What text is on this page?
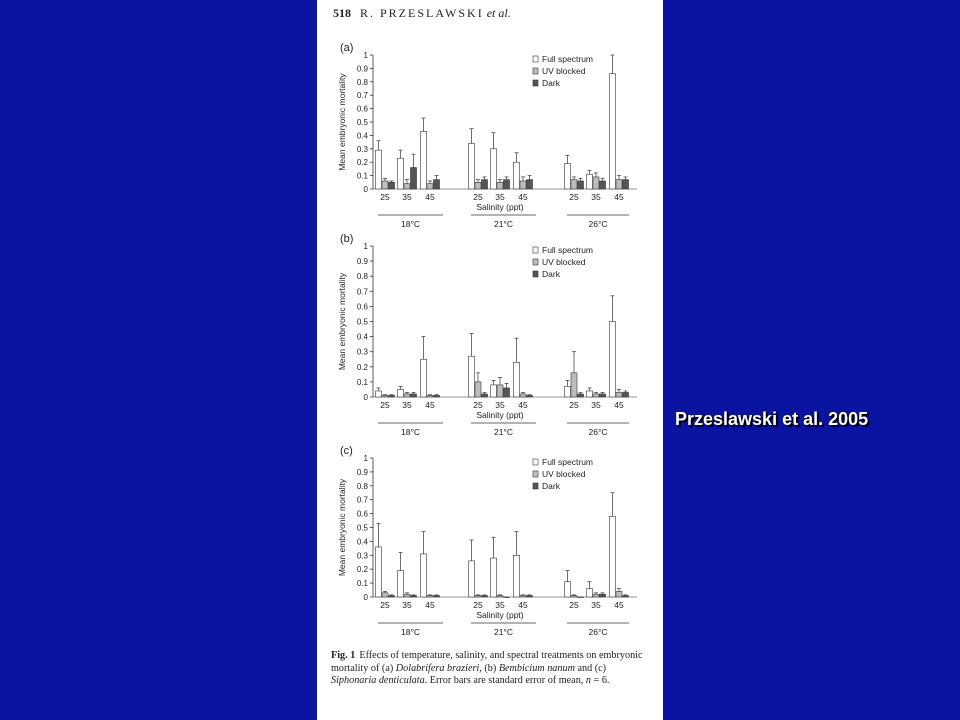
518 R. PRZESLAWSKI et al.
(a)
0
0.1
0.2
0.3
0.4
0.5
0.6
0.7
0.8
0.9
1
Mean embryonic mortality
25 35 45	25 35 45	25 35 45
Salinity (ppt)
18°C	21°C	26°C
Full spectrum
UV blocked
Dark
(b)
0
0.1
0.2
0.3
0.4
0.5
0.6
0.7
0.8
0.9
1
Mean embryonic mortality
25 35 45	25 35 45	25 35 45
Salinity (ppt)
18°C	21°C	26°C
Full spectrum
UV blocked
Dark
(c)
0
0.1
0.2
0.3
0.4
0.5
0.6
0.7
0.8
0.9
1
Mean embryonic mortality
25 35 45	25 35 45	25 35 45
Salinity (ppt)
18°C	21°C	26°C
Full spectrum
UV blocked
Dark
Fig. 1 Effects of temperature, salinity, and spectral treatments on embryonic mortality of (a) Dolabrifera brazieri, (b) Bembicium nanum and (c) Siphonaria denticulata. Error bars are standard error of mean, n = 6.
Przeslawski et al. 2005
